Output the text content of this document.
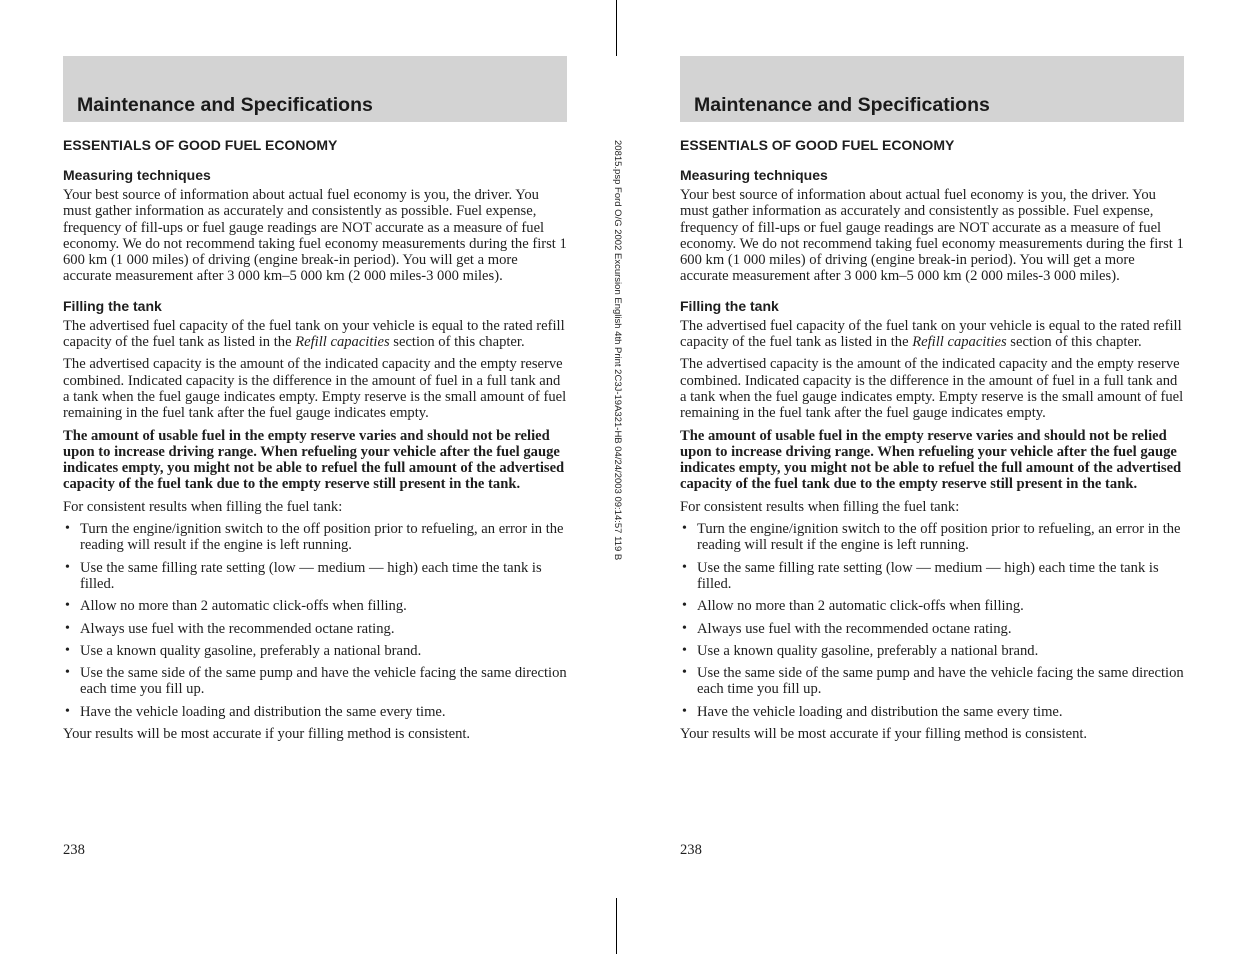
20815.psp Ford O/G 2002 Excursion English 4th Print 2C3J-19A321-HB 04/24/2003 09:14:57 119 B
Maintenance and Specifications
ESSENTIALS OF GOOD FUEL ECONOMY
Measuring techniques

Your best source of information about actual fuel economy is you, the driver. You must gather information as accurately and consistently as possible. Fuel expense, frequency of fill-ups or fuel gauge readings are NOT accurate as a measure of fuel economy. We do not recommend taking fuel economy measurements during the first 1 600 km (1 000 miles) of driving (engine break-in period). You will get a more accurate measurement after 3 000 km–5 000 km (2 000 miles-3 000 miles).

Filling the tank

The advertised fuel capacity of the fuel tank on your vehicle is equal to the rated refill capacity of the fuel tank as listed in the Refill capacities section of this chapter.

The advertised capacity is the amount of the indicated capacity and the empty reserve combined. Indicated capacity is the difference in the amount of fuel in a full tank and a tank when the fuel gauge indicates empty. Empty reserve is the small amount of fuel remaining in the fuel tank after the fuel gauge indicates empty.

The amount of usable fuel in the empty reserve varies and should not be relied upon to increase driving range. When refueling your vehicle after the fuel gauge indicates empty, you might not be able to refuel the full amount of the advertised capacity of the fuel tank due to the empty reserve still present in the tank.

For consistent results when filling the fuel tank:

• Turn the engine/ignition switch to the off position prior to refueling, an error in the reading will result if the engine is left running.
• Use the same filling rate setting (low — medium — high) each time the tank is filled.
• Allow no more than 2 automatic click-offs when filling.
• Always use fuel with the recommended octane rating.
• Use a known quality gasoline, preferably a national brand.
• Use the same side of the same pump and have the vehicle facing the same direction each time you fill up.
• Have the vehicle loading and distribution the same every time.

Your results will be most accurate if your filling method is consistent.

238
Maintenance and Specifications
ESSENTIALS OF GOOD FUEL ECONOMY
Measuring techniques

Your best source of information about actual fuel economy is you, the driver. You must gather information as accurately and consistently as possible. Fuel expense, frequency of fill-ups or fuel gauge readings are NOT accurate as a measure of fuel economy. We do not recommend taking fuel economy measurements during the first 1 600 km (1 000 miles) of driving (engine break-in period). You will get a more accurate measurement after 3 000 km–5 000 km (2 000 miles-3 000 miles).

Filling the tank

The advertised fuel capacity of the fuel tank on your vehicle is equal to the rated refill capacity of the fuel tank as listed in the Refill capacities section of this chapter.

The advertised capacity is the amount of the indicated capacity and the empty reserve combined. Indicated capacity is the difference in the amount of fuel in a full tank and a tank when the fuel gauge indicates empty. Empty reserve is the small amount of fuel remaining in the fuel tank after the fuel gauge indicates empty.

The amount of usable fuel in the empty reserve varies and should not be relied upon to increase driving range. When refueling your vehicle after the fuel gauge indicates empty, you might not be able to refuel the full amount of the advertised capacity of the fuel tank due to the empty reserve still present in the tank.

For consistent results when filling the fuel tank:

• Turn the engine/ignition switch to the off position prior to refueling, an error in the reading will result if the engine is left running.
• Use the same filling rate setting (low — medium — high) each time the tank is filled.
• Allow no more than 2 automatic click-offs when filling.
• Always use fuel with the recommended octane rating.
• Use a known quality gasoline, preferably a national brand.
• Use the same side of the same pump and have the vehicle facing the same direction each time you fill up.
• Have the vehicle loading and distribution the same every time.

Your results will be most accurate if your filling method is consistent.

238
